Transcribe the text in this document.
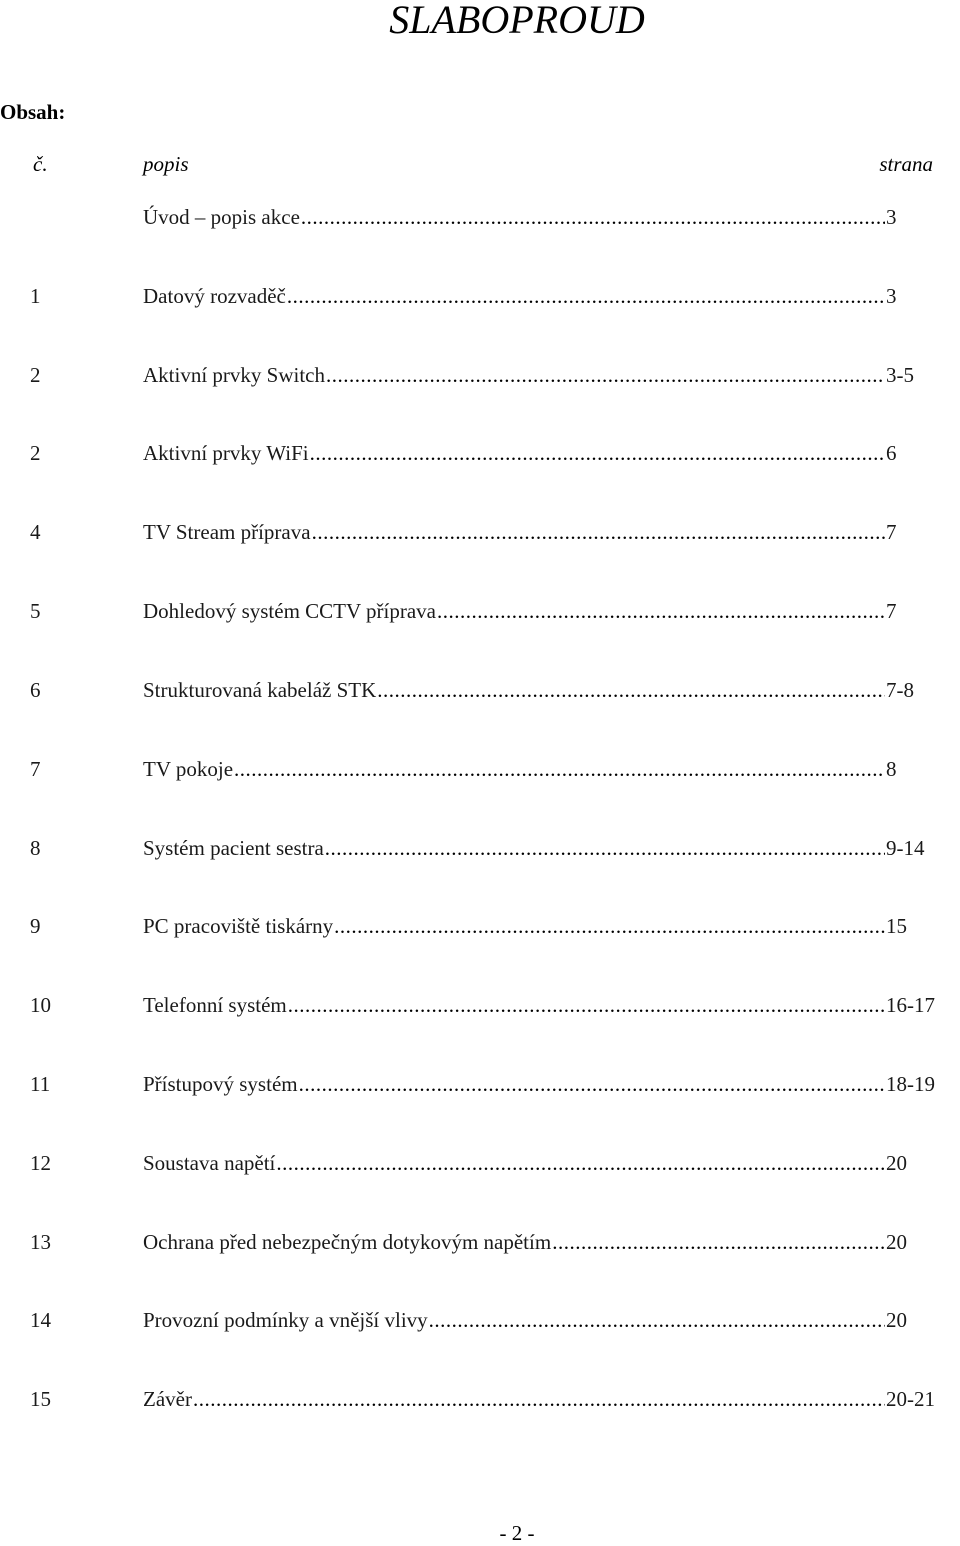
SLABOPROUD
Obsah:
č.	popis	strana
Úvod – popis akce .....	3
1	Datový rozvaděč .....	3
2	Aktivní prvky Switch .....	3-5
2	Aktivní prvky WiFi .....	6
4	TV Stream příprava .....	7
5	Dohledový systém CCTV příprava .....	7
6	Strukturovaná kabeláž STK .....	7-8
7	TV pokoje .....	8
8	Systém pacient sestra .....	9-14
9	PC pracoviště tiskárny .....	15
10	Telefonní systém .....	16-17
11	Přístupový systém .....	18-19
12	Soustava napětí .....	20
13	Ochrana před nebezpečným dotykovým napětím .....	20
14	Provozní podmínky a vnější vlivy .....	20
15	Závěr .....	20-21
- 2 -
